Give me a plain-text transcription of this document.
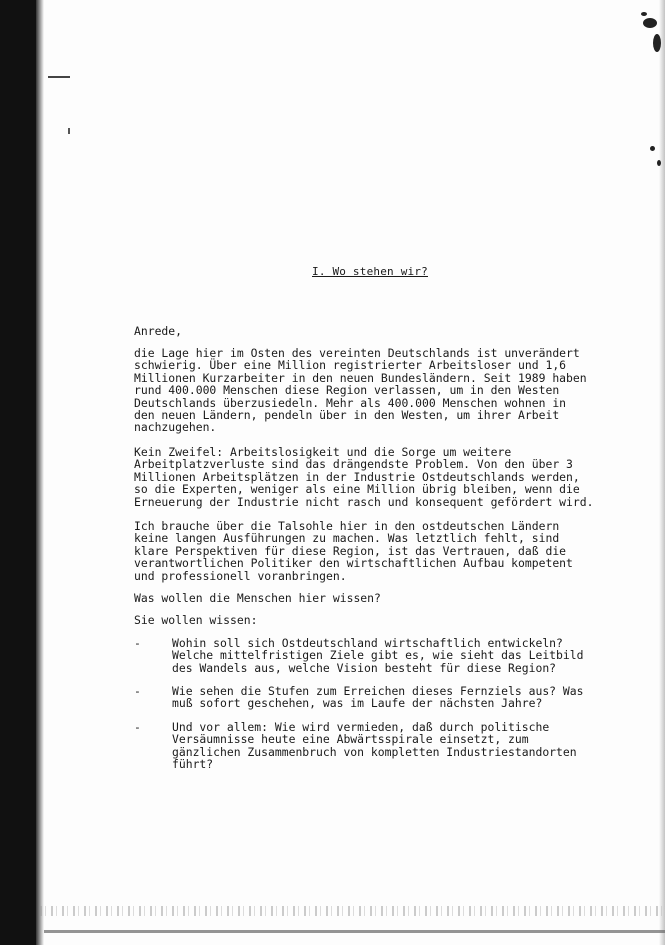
I. Wo stehen wir?
Anrede,
die Lage hier im Osten des vereinten Deutschlands ist unverändert
schwierig. Über eine Million registrierter Arbeitsloser und 1,6
Millionen Kurzarbeiter in den neuen Bundesländern. Seit 1989 haben
rund 400.000 Menschen diese Region verlassen, um in den Westen
Deutschlands überzusiedeln. Mehr als 400.000 Menschen wohnen in
den neuen Ländern, pendeln über in den Westen, um ihrer Arbeit
nachzugehen.
Kein Zweifel: Arbeitslosigkeit und die Sorge um weitere
Arbeitplatzverluste sind das drängendste Problem. Von den über 3
Millionen Arbeitsplätzen in der Industrie Ostdeutschlands werden,
so die Experten, weniger als eine Million übrig bleiben, wenn die
Erneuerung der Industrie nicht rasch und konsequent gefördert wird.
Ich brauche über die Talsohle hier in den ostdeutschen Ländern
keine langen Ausführungen zu machen. Was letztlich fehlt, sind
klare Perspektiven für diese Region, ist das Vertrauen, daß die
verantwortlichen Politiker den wirtschaftlichen Aufbau kompetent
und professionell voranbringen.
Was wollen die Menschen hier wissen?
Sie wollen wissen:
-	Wohin soll sich Ostdeutschland wirtschaftlich entwickeln?
Welche mittelfristigen Ziele gibt es, wie sieht das Leitbild
des Wandels aus, welche Vision besteht für diese Region?
-	Wie sehen die Stufen zum Erreichen dieses Fernziels aus? Was
muß sofort geschehen, was im Laufe der nächsten Jahre?
-	Und vor allem: Wie wird vermieden, daß durch politische
Versäumnisse heute eine Abwärtsspirale einsetzt, zum
gänzlichen Zusammenbruch von kompletten Industriestandorten
führt?
